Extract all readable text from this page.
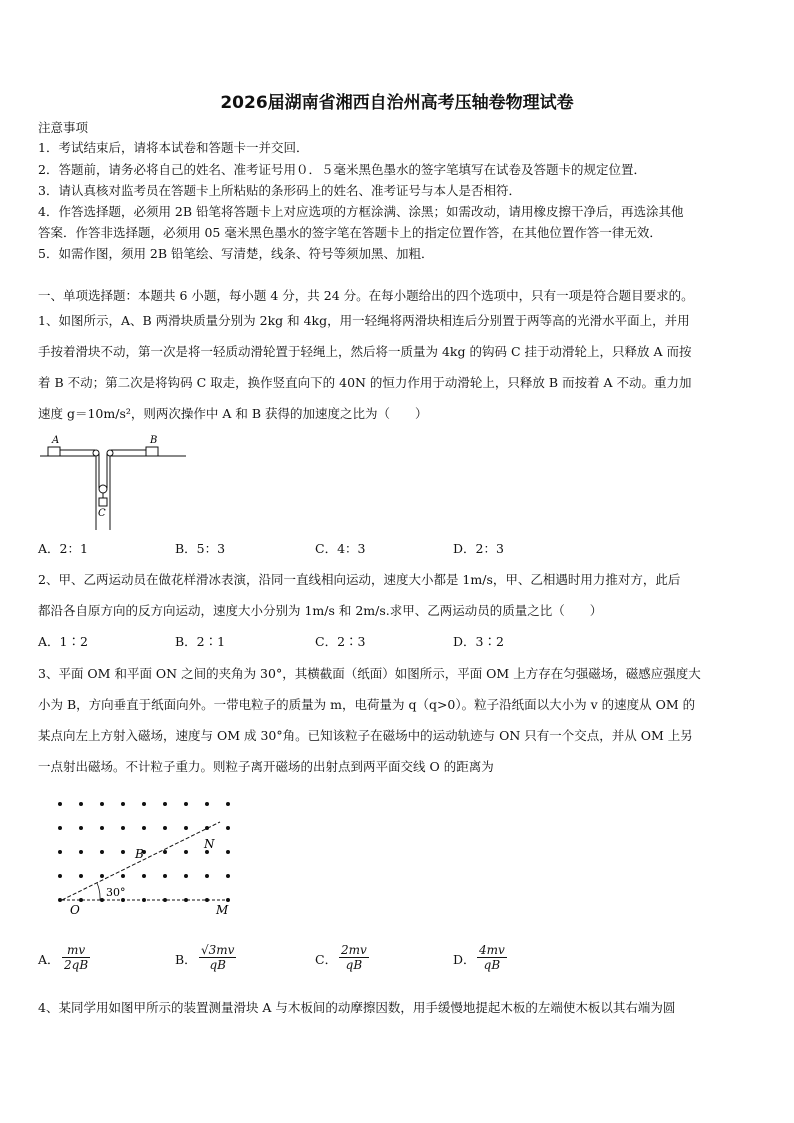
2026届湖南省湘西自治州高考压轴卷物理试卷
注意事项
1．考试结束后，请将本试卷和答题卡一并交回．
2．答题前，请务必将自己的姓名、准考证号用０．５毫米黑色墨水的签字笔填写在试卷及答题卡的规定位置．
3．请认真核对监考员在答题卡上所粘贴的条形码上的姓名、准考证号与本人是否相符．
4．作答选择题，必须用 2B 铅笔将答题卡上对应选项的方框涂满、涂黑；如需改动，请用橡皮擦干净后，再选涂其他
答案．作答非选择题，必须用 05 毫米黑色墨水的签字笔在答题卡上的指定位置作答，在其他位置作答一律无效．
5．如需作图，须用 2B 铅笔绘、写清楚，线条、符号等须加黑、加粗．
一、单项选择题：本题共 6 小题，每小题 4 分，共 24 分。在每小题给出的四个选项中，只有一项是符合题目要求的。
1、如图所示，A、B 两滑块质量分别为 2kg 和 4kg，用一轻绳将两滑块相连后分别置于两等高的光滑水平面上，并用
手按着滑块不动，第一次是将一轻质动滑轮置于轻绳上，然后将一质量为 4kg 的钩码 C 挂于动滑轮上，只释放 A 而按
着 B 不动；第二次是将钩码 C 取走，换作竖直向下的 40N 的恒力作用于动滑轮上，只释放 B 而按着 A 不动。重力加
速度 g＝10m/s²，则两次操作中 A 和 B 获得的加速度之比为（　　）
A	B
C
A．2：1	B．5：3	C．4：3	D．2：3
2、甲、乙两运动员在做花样滑冰表演，沿同一直线相向运动，速度大小都是 1m/s，甲、乙相遇时用力推对方，此后
都沿各自原方向的反方向运动，速度大小分别为 1m/s 和 2m/s.求甲、乙两运动员的质量之比（　　）
A．1∶2	B．2∶1	C．2∶3	D．3∶2
3、平面 OM 和平面 ON 之间的夹角为 30°，其横截面（纸面）如图所示，平面 OM 上方存在匀强磁场，磁感应强度大
小为 B，方向垂直于纸面向外。一带电粒子的质量为 m，电荷量为 q（q>0）。粒子沿纸面以大小为 v 的速度从 OM 的
某点向左上方射入磁场，速度与 OM 成 30°角。已知该粒子在磁场中的运动轨迹与 ON 只有一个交点，并从 OM 上另
一点射出磁场。不计粒子重力。则粒子离开磁场的出射点到两平面交线 O 的距离为
B
N
O	M
30°
A． $\frac{mv}{2qB}$	B． $\frac{√3mv}{qB}$	C． $\frac{2mv}{qB}$	D． $\frac{4mv}{qB}$
4、某同学用如图甲所示的装置测量滑块 A 与木板间的动摩擦因数，用手缓慢地提起木板的左端使木板以其右端为圆
